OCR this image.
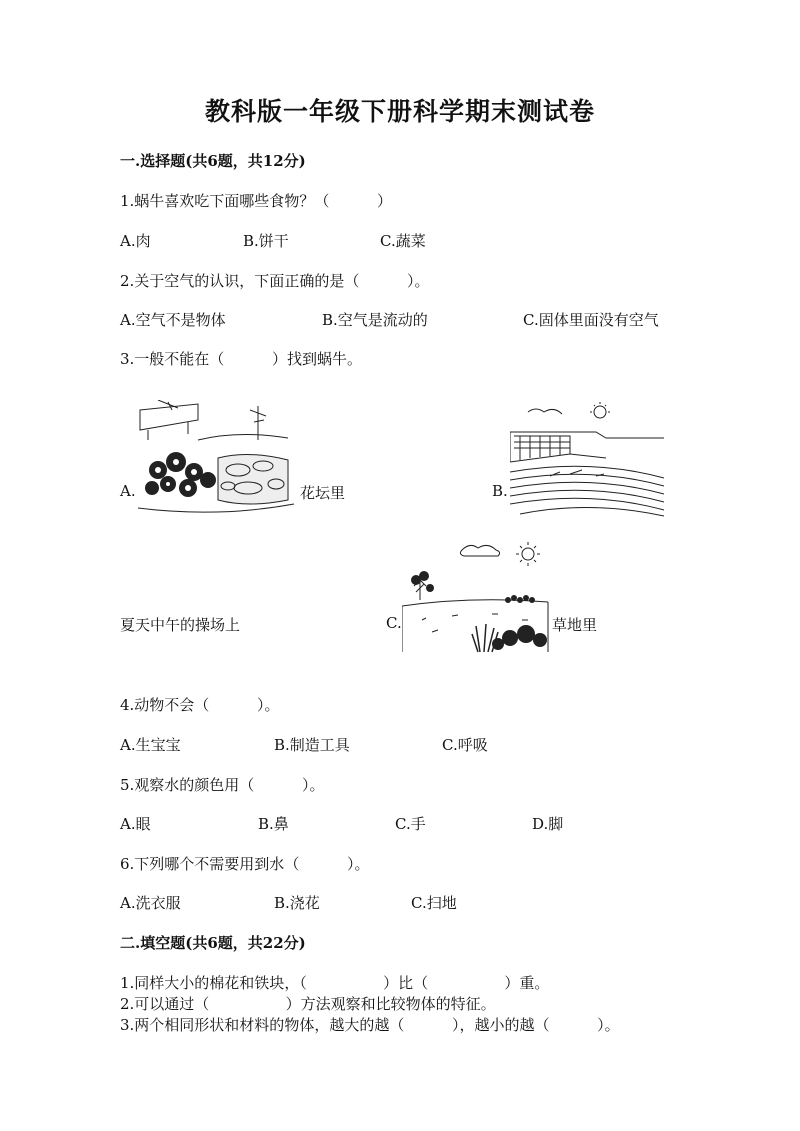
教科版一年级下册科学期末测试卷
一.选择题(共6题，共12分)
1.蜗牛喜欢吃下面哪些食物？（          ）
A.肉	B.饼干	C.蔬菜
2.关于空气的认识，下面正确的是（          ）。
A.空气不是物体	B.空气是流动的	C.固体里面没有空气
3.一般不能在（          ）找到蜗牛。
A.	花坛里	B.
夏天中午的操场上	C.	草地里
4.动物不会（          ）。
A.生宝宝	B.制造工具	C.呼吸
5.观察水的颜色用（          ）。
A.眼	B.鼻	C.手	D.脚
6.下列哪个不需要用到水（          ）。
A.洗衣服	B.浇花	C.扫地
二.填空题(共6题，共22分)
1.同样大小的棉花和铁块，（                ）比（                ）重。
2.可以通过（                ）方法观察和比较物体的特征。
3.两个相同形状和材料的物体，越大的越（          ），越小的越（          ）。
